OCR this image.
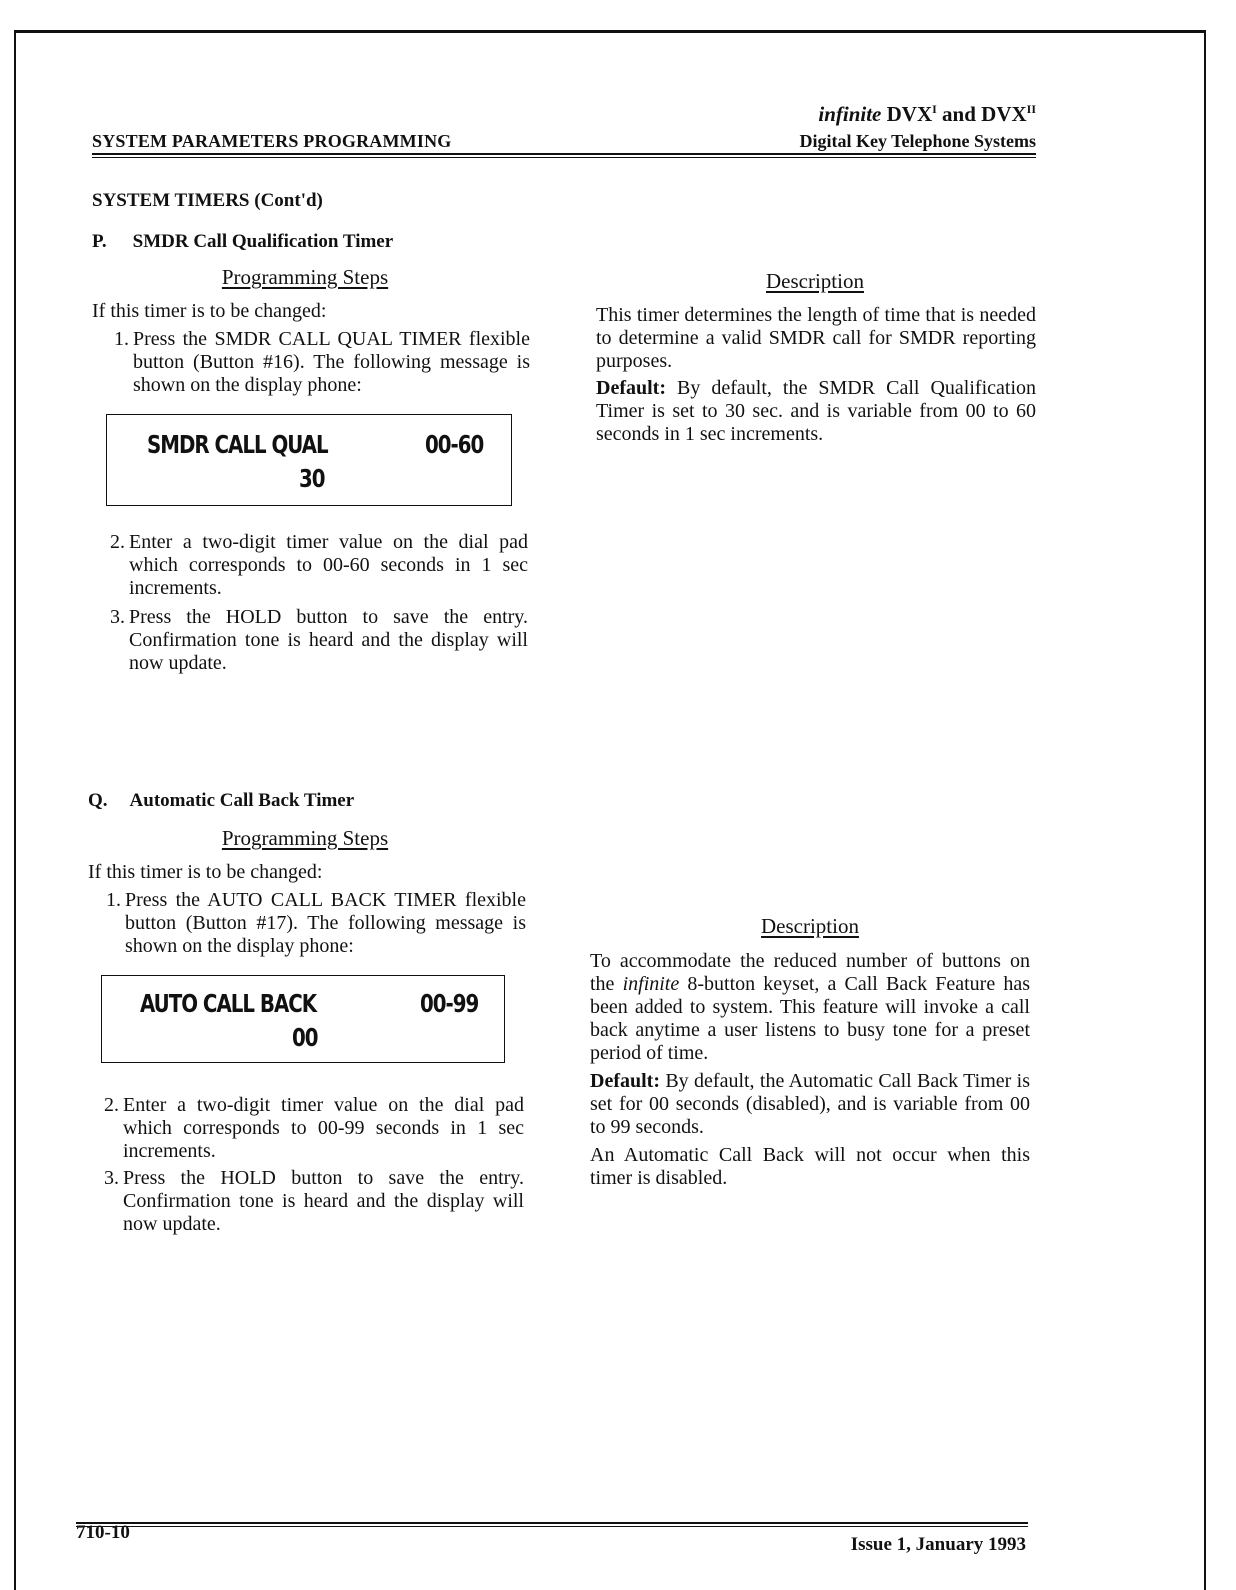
infinite $DVX^I$ and $DVX^{II}$
SYSTEM PARAMETERS PROGRAMMING	Digital Key Telephone Systems
SYSTEM TIMERS (Cont'd)
P. SMDR Call Qualification Timer
Programming Steps	Description
If this timer is to be changed:
1. Press the SMDR CALL QUAL TIMER flexible button (Button #16). The following message is shown on the display phone:
SMDR CALL QUAL	00-60
30
2. Enter a two-digit timer value on the dial pad which corresponds to 00-60 seconds in 1 sec increments.
3. Press the HOLD button to save the entry. Confirmation tone is heard and the display will now update.
This timer determines the length of time that is needed to determine a valid SMDR call for SMDR reporting purposes.
Default: By default, the SMDR Call Qualification Timer is set to 30 sec. and is variable from 00 to 60 seconds in 1 sec increments.
Q. Automatic Call Back Timer
Programming Steps
If this timer is to be changed:
1. Press the AUTO CALL BACK TIMER flexible button (Button #17). The following message is shown on the display phone:
AUTO CALL BACK	00-99
00
2. Enter a two-digit timer value on the dial pad which corresponds to 00-99 seconds in 1 sec increments.
3. Press the HOLD button to save the entry. Confirmation tone is heard and the display will now update.
Description
To accommodate the reduced number of buttons on the infinite 8-button keyset, a Call Back Feature has been added to system. This feature will invoke a call back anytime a user listens to busy tone for a preset period of time.
Default: By default, the Automatic Call Back Timer is set for 00 seconds (disabled), and is variable from 00 to 99 seconds.
An Automatic Call Back will not occur when this timer is disabled.
710-10
Issue 1, January 1993
